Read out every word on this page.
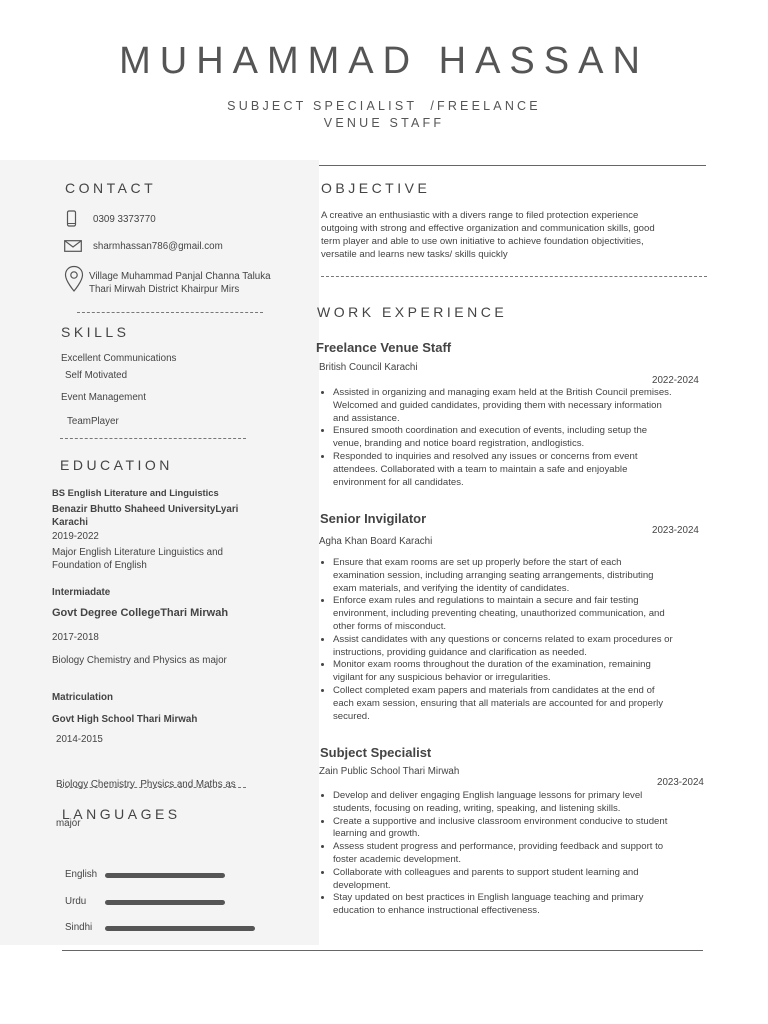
MUHAMMAD HASSAN
SUBJECT SPECIALIST  /FREELANCE
VENUE STAFF
CONTACT
0309 3373770
sharmhassan786@gmail.com
Village Muhammad Panjal Channa Taluka
Thari Mirwah District Khairpur Mirs
SKILLS
Excellent Communications
Self Motivated
Event Management
TeamPlayer
EDUCATION
BS English Literature and Linguistics
Benazir Bhutto Shaheed UniversityLyari
Karachi
2019-2022
Major English Literature Linguistics and
Foundation of English
Intermiadate
Govt Degree CollegeThari Mirwah
2017-2018
Biology Chemistry and Physics as major
Matriculation
Govt High School Thari Mirwah
2014-2015

Biology Chemistry  Physics and Maths as

major

LANGUAGES
English
Urdu
Sindhi
OBJECTIVE
A creative an enthusiastic with a divers range to filed protection experience
outgoing with strong and effective organization and communication skills, good
term player and able to use own initiative to achieve foundation objectivities,
versatile and learns new tasks/ skills quickly
WORK EXPERIENCE
Freelance Venue Staff
British Council Karachi
2022-2024
• Assisted in organizing and managing exam held at the British Council premises.
Welcomed and guided candidates, providing them with necessary information
and assistance.
• Ensured smooth coordination and execution of events, including setup the
venue, branding and notice board registration, andlogistics.
• Responded to inquiries and resolved any issues or concerns from event
attendees. Collaborated with a team to maintain a safe and enjoyable
environment for all candidates.
Senior Invigilator
2023-2024
Agha Khan Board Karachi
• Ensure that exam rooms are set up properly before the start of each
examination session, including arranging seating arrangements, distributing
exam materials, and verifying the identity of candidates.
• Enforce exam rules and regulations to maintain a secure and fair testing
environment, including preventing cheating, unauthorized communication, and
other forms of misconduct.
• Assist candidates with any questions or concerns related to exam procedures or
instructions, providing guidance and clarification as needed.
• Monitor exam rooms throughout the duration of the examination, remaining
vigilant for any suspicious behavior or irregularities.
• Collect completed exam papers and materials from candidates at the end of
each exam session, ensuring that all materials are accounted for and properly
secured.
Subject Specialist
Zain Public School Thari Mirwah
2023-2024
• Develop and deliver engaging English language lessons for primary level
students, focusing on reading, writing, speaking, and listening skills.
• Create a supportive and inclusive classroom environment conducive to student
learning and growth.
• Assess student progress and performance, providing feedback and support to
foster academic development.
• Collaborate with colleagues and parents to support student learning and
development.
• Stay updated on best practices in English language teaching and primary
education to enhance instructional effectiveness.
